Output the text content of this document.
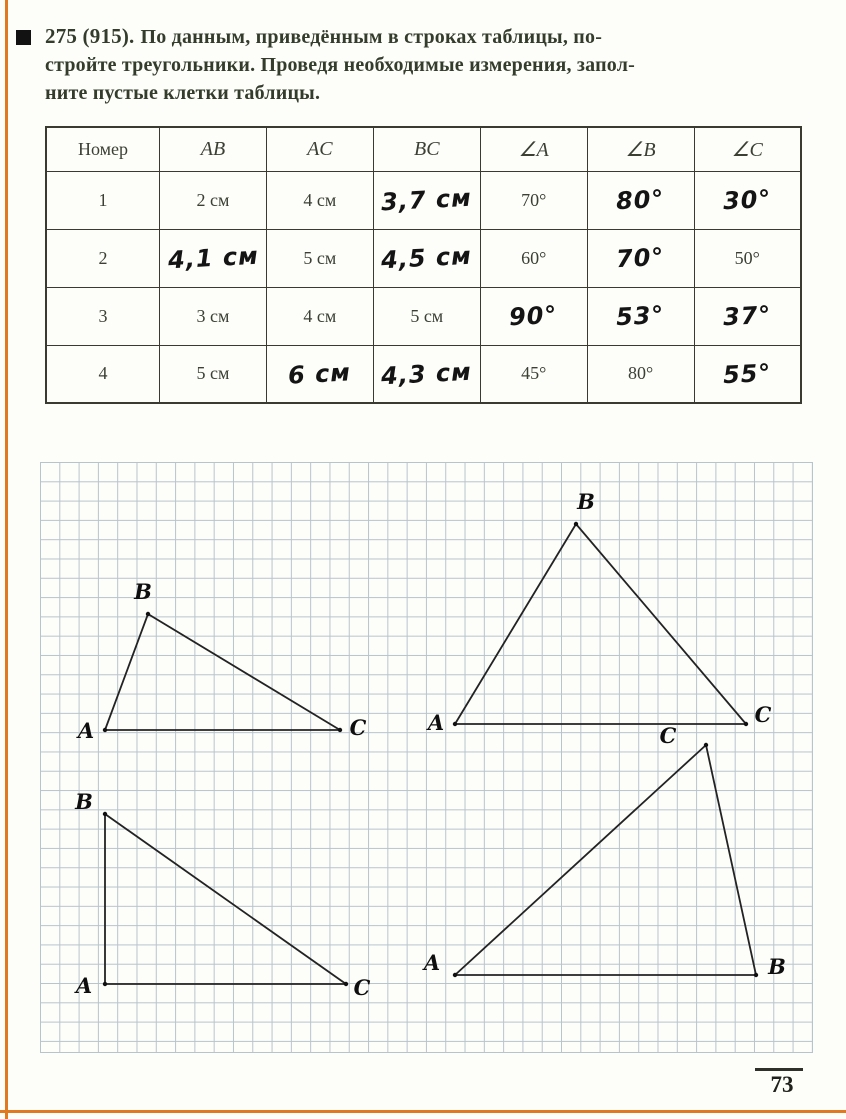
275 (915). По данным, приведённым в строках таблицы, по-
стройте треугольники. Проведя необходимые измерения, запол-
ните пустые клетки таблицы.
Номер	AB	AC	BC	∠A	∠B	∠C
1	2 см	4 см	3,7 см	70°	80°	30°
2	4,1 см	5 см	4,5 см	60°	70°	50°
3	3 см	4 см	5 см	90°	53°	37°
4	5 см	6 см	4,3 см	45°	80°	55°
A
B
C	A
B
C
A
B
C
A	B
C
73
